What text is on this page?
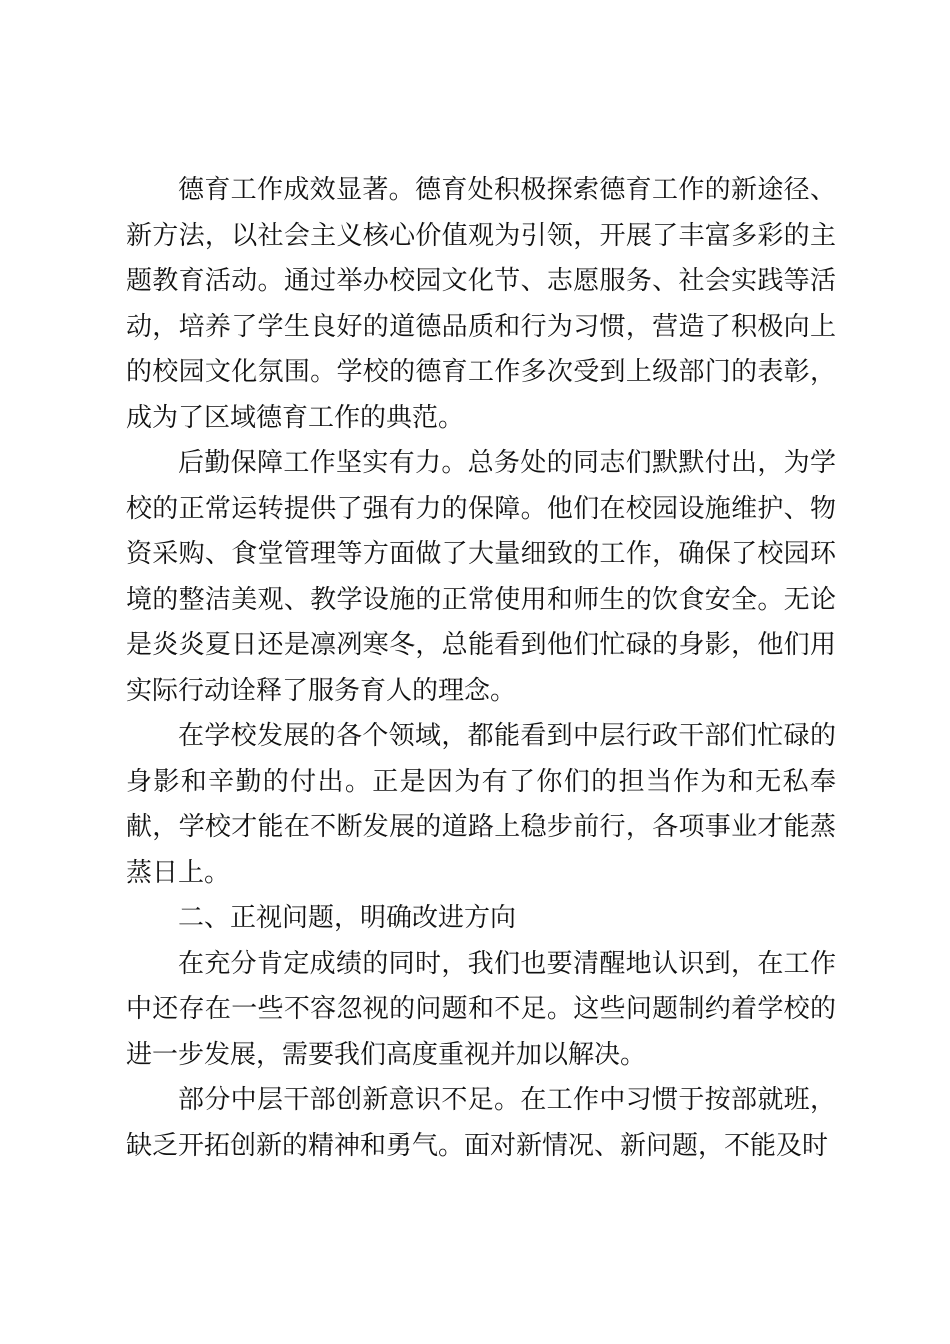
德育工作成效显著。德育处积极探索德育工作的新途径、新方法，以社会主义核心价值观为引领，开展了丰富多彩的主题教育活动。通过举办校园文化节、志愿服务、社会实践等活动，培养了学生良好的道德品质和行为习惯，营造了积极向上的校园文化氛围。学校的德育工作多次受到上级部门的表彰，成为了区域德育工作的典范。

后勤保障工作坚实有力。总务处的同志们默默付出，为学校的正常运转提供了强有力的保障。他们在校园设施维护、物资采购、食堂管理等方面做了大量细致的工作，确保了校园环境的整洁美观、教学设施的正常使用和师生的饮食安全。无论是炎炎夏日还是凛冽寒冬，总能看到他们忙碌的身影，他们用实际行动诠释了服务育人的理念。

在学校发展的各个领域，都能看到中层行政干部们忙碌的身影和辛勤的付出。正是因为有了你们的担当作为和无私奉献，学校才能在不断发展的道路上稳步前行，各项事业才能蒸蒸日上。

二、正视问题，明确改进方向

在充分肯定成绩的同时，我们也要清醒地认识到，在工作中还存在一些不容忽视的问题和不足。这些问题制约着学校的进一步发展，需要我们高度重视并加以解决。

部分中层干部创新意识不足。在工作中习惯于按部就班，缺乏开拓创新的精神和勇气。面对新情况、新问题，不能及时
